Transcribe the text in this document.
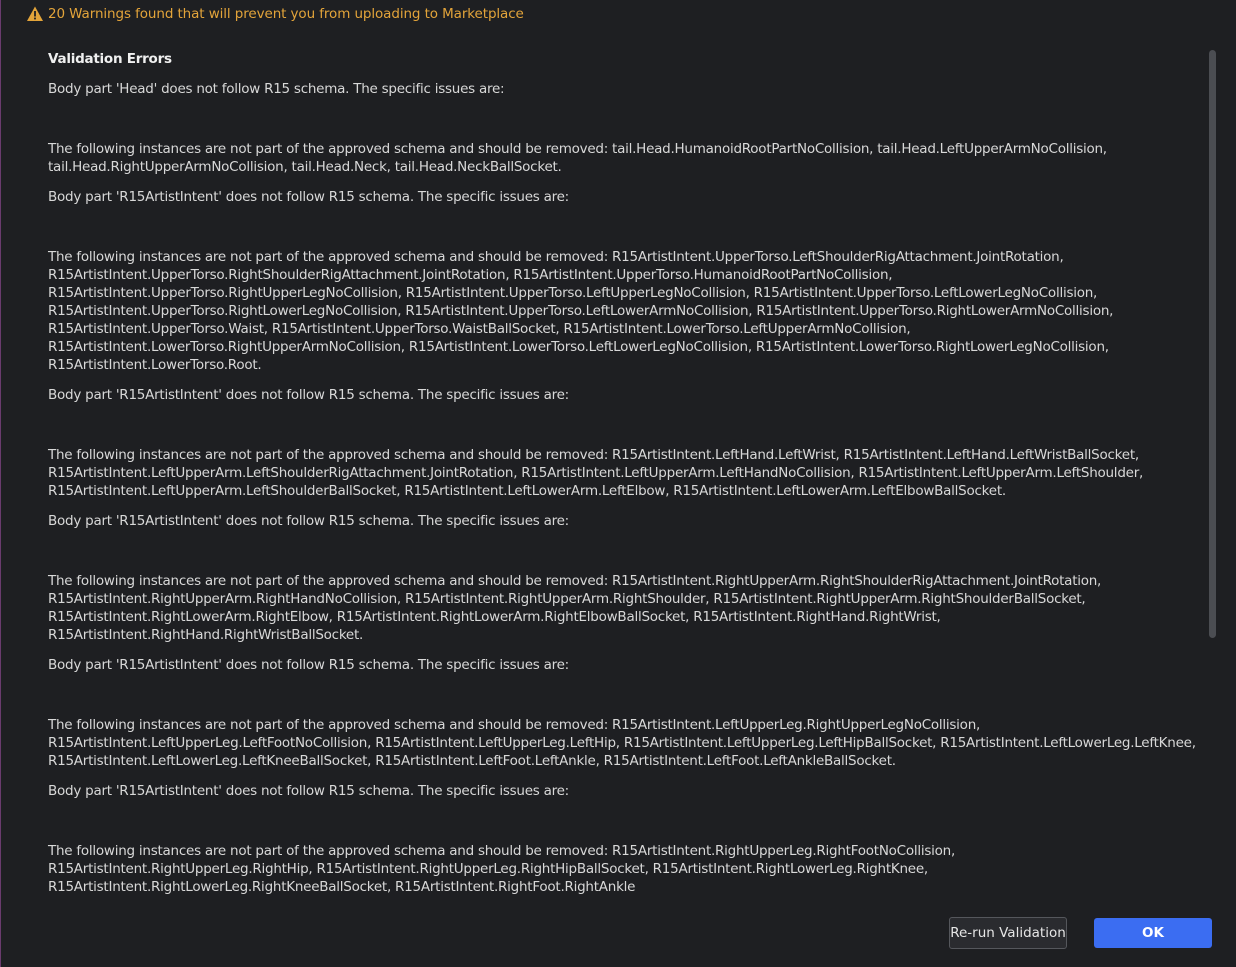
20 Warnings found that will prevent you from uploading to Marketplace
Validation Errors

Body part 'Head' does not follow R15 schema. The specific issues are:

The following instances are not part of the approved schema and should be removed: tail.Head.HumanoidRootPartNoCollision, tail.Head.LeftUpperArmNoCollision, tail.Head.RightUpperArmNoCollision, tail.Head.Neck, tail.Head.NeckBallSocket.

Body part 'R15ArtistIntent' does not follow R15 schema. The specific issues are:

The following instances are not part of the approved schema and should be removed: R15ArtistIntent.UpperTorso.LeftShoulderRigAttachment.JointRotation, R15ArtistIntent.UpperTorso.RightShoulderRigAttachment.JointRotation, R15ArtistIntent.UpperTorso.HumanoidRootPartNoCollision, R15ArtistIntent.UpperTorso.RightUpperLegNoCollision, R15ArtistIntent.UpperTorso.LeftUpperLegNoCollision, R15ArtistIntent.UpperTorso.LeftLowerLegNoCollision, R15ArtistIntent.UpperTorso.RightLowerLegNoCollision, R15ArtistIntent.UpperTorso.LeftLowerArmNoCollision, R15ArtistIntent.UpperTorso.RightLowerArmNoCollision, R15ArtistIntent.UpperTorso.Waist, R15ArtistIntent.UpperTorso.WaistBallSocket, R15ArtistIntent.LowerTorso.LeftUpperArmNoCollision, R15ArtistIntent.LowerTorso.RightUpperArmNoCollision, R15ArtistIntent.LowerTorso.LeftLowerLegNoCollision, R15ArtistIntent.LowerTorso.RightLowerLegNoCollision, R15ArtistIntent.LowerTorso.Root.

Body part 'R15ArtistIntent' does not follow R15 schema. The specific issues are:

The following instances are not part of the approved schema and should be removed: R15ArtistIntent.LeftHand.LeftWrist, R15ArtistIntent.LeftHand.LeftWristBallSocket, R15ArtistIntent.LeftUpperArm.LeftShoulderRigAttachment.JointRotation, R15ArtistIntent.LeftUpperArm.LeftHandNoCollision, R15ArtistIntent.LeftUpperArm.LeftShoulder, R15ArtistIntent.LeftUpperArm.LeftShoulderBallSocket, R15ArtistIntent.LeftLowerArm.LeftElbow, R15ArtistIntent.LeftLowerArm.LeftElbowBallSocket.

Body part 'R15ArtistIntent' does not follow R15 schema. The specific issues are:

The following instances are not part of the approved schema and should be removed: R15ArtistIntent.RightUpperArm.RightShoulderRigAttachment.JointRotation, R15ArtistIntent.RightUpperArm.RightHandNoCollision, R15ArtistIntent.RightUpperArm.RightShoulder, R15ArtistIntent.RightUpperArm.RightShoulderBallSocket, R15ArtistIntent.RightLowerArm.RightElbow, R15ArtistIntent.RightLowerArm.RightElbowBallSocket, R15ArtistIntent.RightHand.RightWrist, R15ArtistIntent.RightHand.RightWristBallSocket.

Body part 'R15ArtistIntent' does not follow R15 schema. The specific issues are:

The following instances are not part of the approved schema and should be removed: R15ArtistIntent.LeftUpperLeg.RightUpperLegNoCollision, R15ArtistIntent.LeftUpperLeg.LeftFootNoCollision, R15ArtistIntent.LeftUpperLeg.LeftHip, R15ArtistIntent.LeftUpperLeg.LeftHipBallSocket, R15ArtistIntent.LeftLowerLeg.LeftKnee, R15ArtistIntent.LeftLowerLeg.LeftKneeBallSocket, R15ArtistIntent.LeftFoot.LeftAnkle, R15ArtistIntent.LeftFoot.LeftAnkleBallSocket.

Body part 'R15ArtistIntent' does not follow R15 schema. The specific issues are:

The following instances are not part of the approved schema and should be removed: R15ArtistIntent.RightUpperLeg.RightFootNoCollision, R15ArtistIntent.RightUpperLeg.RightHip, R15ArtistIntent.RightUpperLeg.RightHipBallSocket, R15ArtistIntent.RightLowerLeg.RightKnee, R15ArtistIntent.RightLowerLeg.RightKneeBallSocket, R15ArtistIntent.RightFoot.RightAnkle

Re-run Validation	OK
